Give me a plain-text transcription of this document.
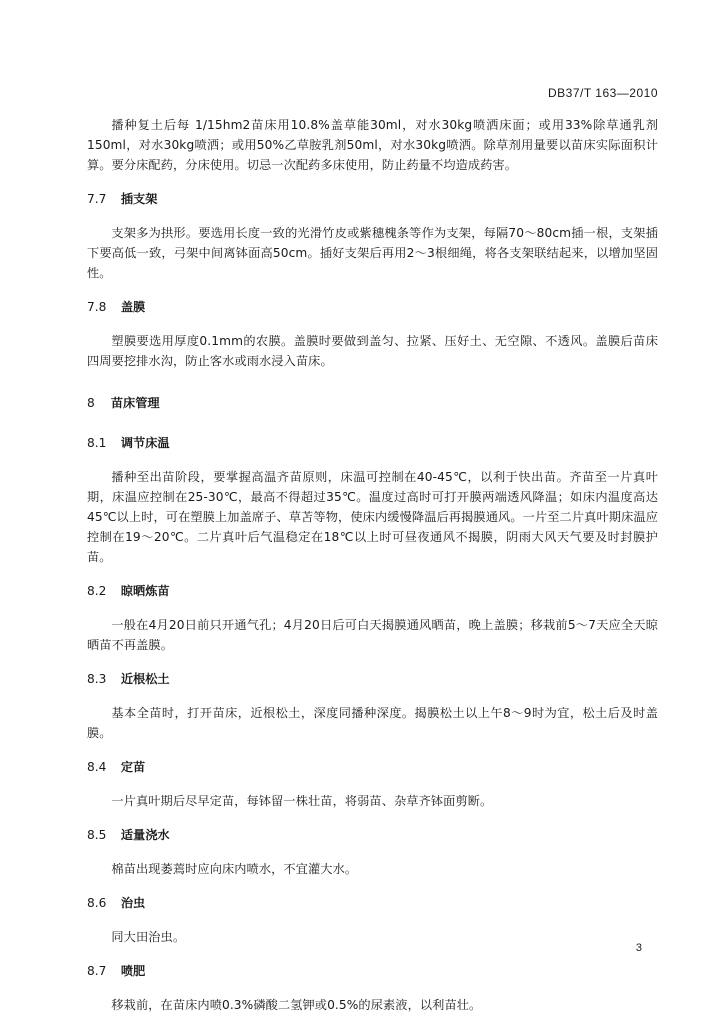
DB37/T 163—2010

播种复土后每 1/15hm2苗床用10.8%盖草能30ml，对水30kg喷洒床面；或用33%除草通乳剂150ml，对水30kg喷洒；或用50%乙草胺乳剂50ml，对水30kg喷洒。除草剂用量要以苗床实际面积计算。要分床配药，分床使用。切忌一次配药多床使用，防止药量不均造成药害。

7.7 插支架

支架多为拱形。要选用长度一致的光滑竹皮或紫穗槐条等作为支架，每隔70～80cm插一根，支架插下要高低一致，弓架中间离钵面高50cm。插好支架后再用2～3根细绳，将各支架联结起来，以增加坚固性。

7.8 盖膜

塑膜要选用厚度0.1mm的农膜。盖膜时要做到盖匀、拉紧、压好土、无空隙、不透风。盖膜后苗床四周要挖排水沟，防止客水或雨水浸入苗床。

8 苗床管理
8.1 调节床温

播种至出苗阶段，要掌握高温齐苗原则，床温可控制在40-45℃，以利于快出苗。齐苗至一片真叶期，床温应控制在25-30℃，最高不得超过35℃。温度过高时可打开膜两端透风降温；如床内温度高达45℃以上时，可在塑膜上加盖席子、草苫等物，使床内缓慢降温后再揭膜通风。一片至二片真叶期床温应控制在19～20℃。二片真叶后气温稳定在18℃以上时可昼夜通风不揭膜，阴雨大风天气要及时封膜护苗。

8.2 晾晒炼苗

一般在4月20日前只开通气孔；4月20日后可白天揭膜通风晒苗，晚上盖膜；移栽前5～7天应全天晾晒苗不再盖膜。

8.3 近根松土

基本全苗时，打开苗床，近根松土，深度同播种深度。揭膜松土以上午8～9时为宜，松土后及时盖膜。

8.4 定苗

一片真叶期后尽早定苗，每钵留一株壮苗，将弱苗、杂草齐钵面剪断。

8.5 适量浇水

棉苗出现萎蔫时应向床内喷水，不宜灌大水。

8.6 治虫

同大田治虫。

8.7 喷肥

移栽前，在苗床内喷0.3%磷酸二氢钾或0.5%的尿素液，以利苗壮。

3
